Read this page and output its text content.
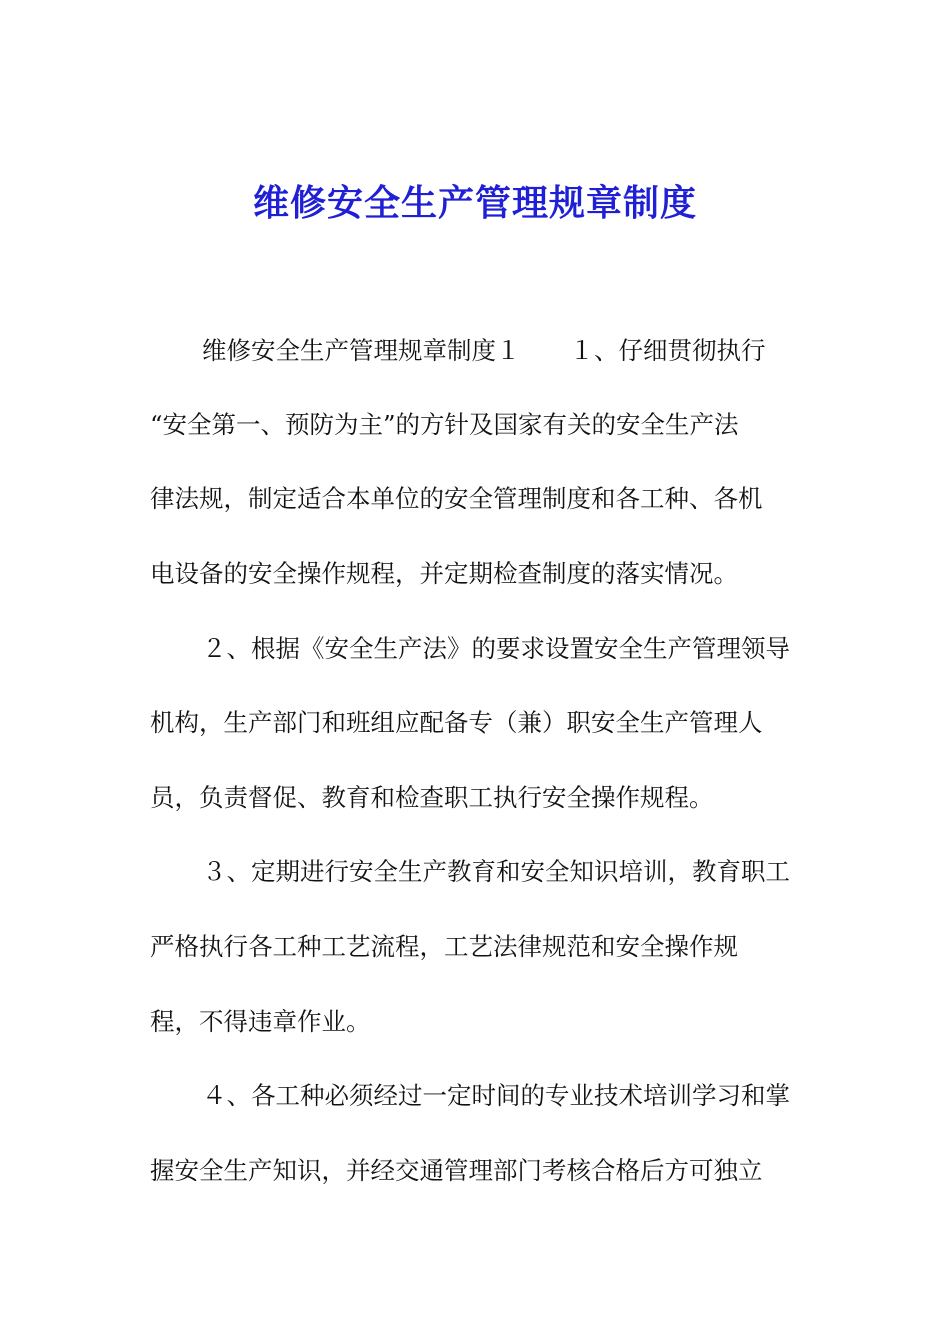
维修安全生产管理规章制度
维修安全生产管理规章制度１　　１、仔细贯彻执行
“安全第一、预防为主”的方针及国家有关的安全生产法
律法规，制定适合本单位的安全管理制度和各工种、各机
电设备的安全操作规程，并定期检查制度的落实情况。
２、根据《安全生产法》的要求设置安全生产管理领导
机构，生产部门和班组应配备专（兼）职安全生产管理人
员，负责督促、教育和检查职工执行安全操作规程。
３、定期进行安全生产教育和安全知识培训，教育职工
严格执行各工种工艺流程，工艺法律规范和安全操作规
程，不得违章作业。
４、各工种必须经过一定时间的专业技术培训学习和掌
握安全生产知识，并经交通管理部门考核合格后方可独立
